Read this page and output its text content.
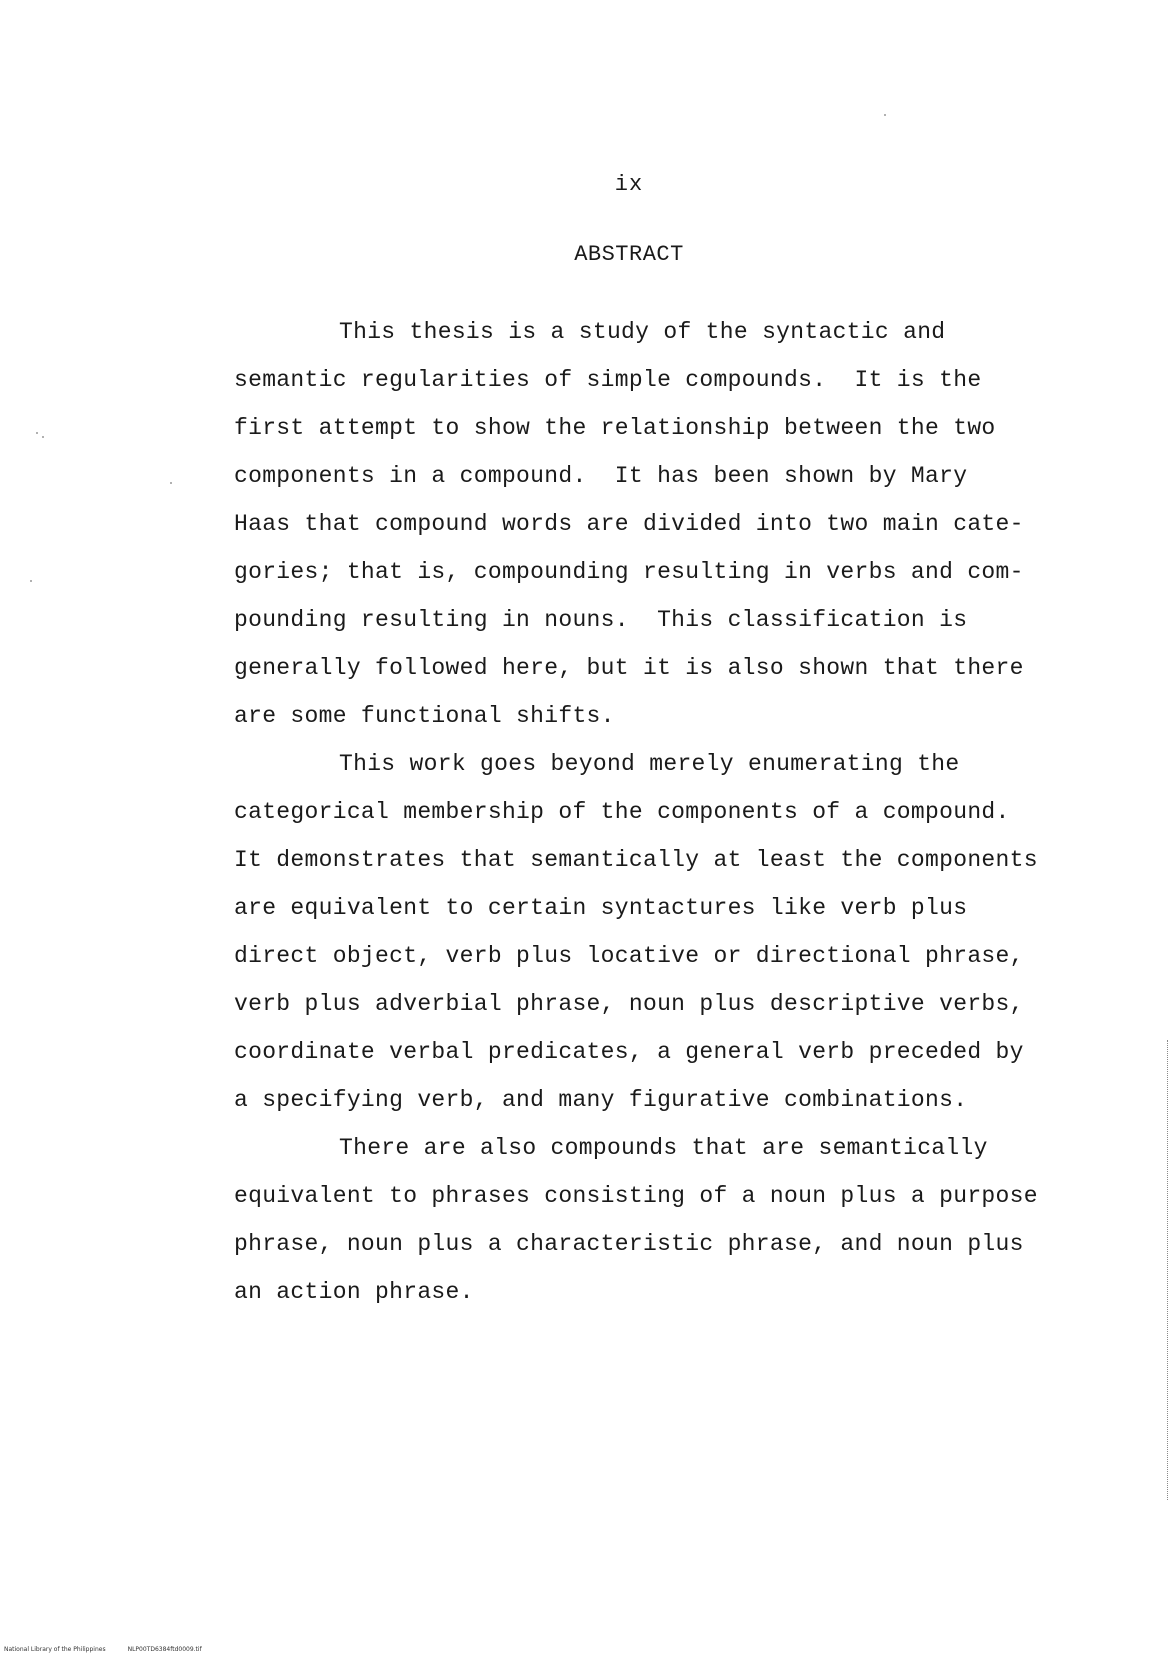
ix
ABSTRACT
This thesis is a study of the syntactic and
semantic regularities of simple compounds.  It is the
first attempt to show the relationship between the two
components in a compound.  It has been shown by Mary
Haas that compound words are divided into two main cate-
gories; that is, compounding resulting in verbs and com-
pounding resulting in nouns.  This classification is
generally followed here, but it is also shown that there
are some functional shifts.
This work goes beyond merely enumerating the
categorical membership of the components of a compound.
It demonstrates that semantically at least the components
are equivalent to certain syntactures like verb plus
direct object, verb plus locative or directional phrase,
verb plus adverbial phrase, noun plus descriptive verbs,
coordinate verbal predicates, a general verb preceded by
a specifying verb, and many figurative combinations.
There are also compounds that are semantically
equivalent to phrases consisting of a noun plus a purpose
phrase, noun plus a characteristic phrase, and noun plus
an action phrase.
National Library of the Philippines	NLP00TD6384ftd0009.tif
